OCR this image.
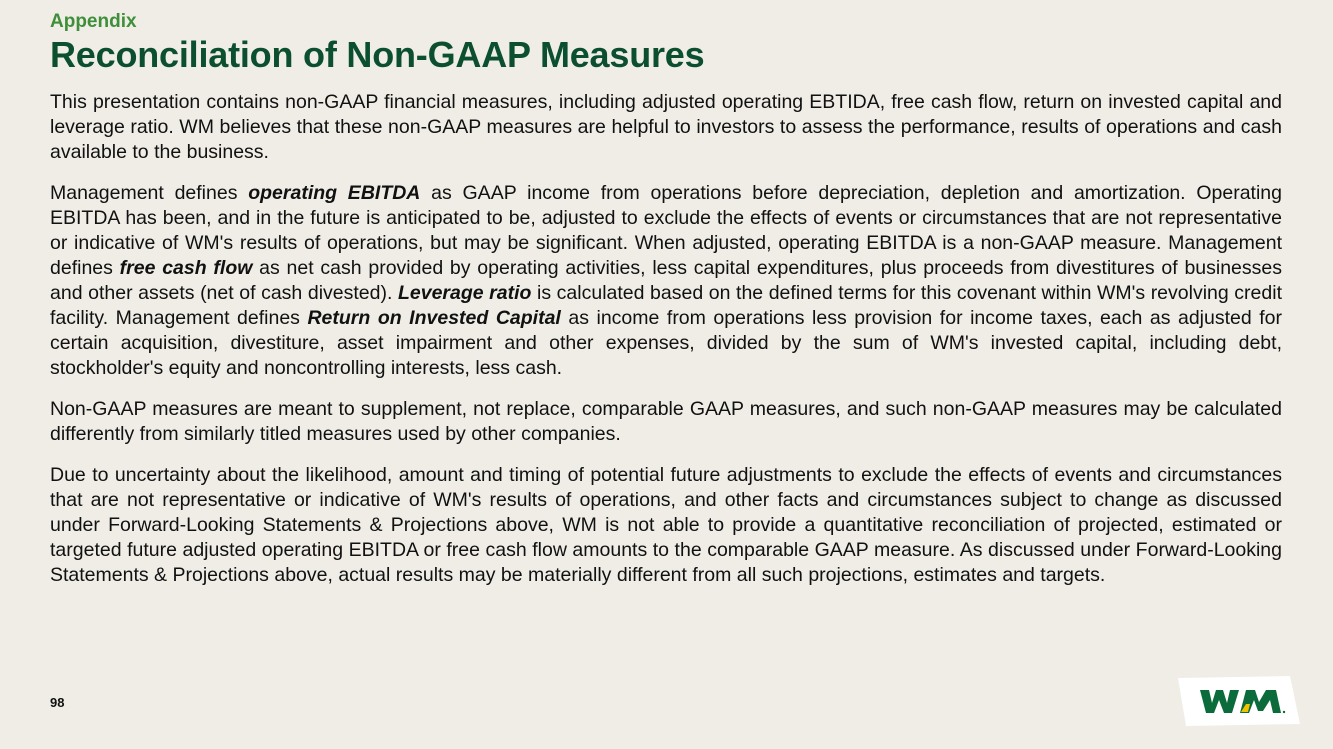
Appendix
Reconciliation of Non-GAAP Measures

This presentation contains non-GAAP financial measures, including adjusted operating EBTIDA, free cash flow, return on invested capital and leverage ratio. WM believes that these non-GAAP measures are helpful to investors to assess the performance, results of operations and cash available to the business.

Management defines operating EBITDA as GAAP income from operations before depreciation, depletion and amortization. Operating EBITDA has been, and in the future is anticipated to be, adjusted to exclude the effects of events or circumstances that are not representative or indicative of WM's results of operations, but may be significant. When adjusted, operating EBITDA is a non-GAAP measure. Management defines free cash flow as net cash provided by operating activities, less capital expenditures, plus proceeds from divestitures of businesses and other assets (net of cash divested). Leverage ratio is calculated based on the defined terms for this covenant within WM's revolving credit facility. Management defines Return on Invested Capital as income from operations less provision for income taxes, each as adjusted for certain acquisition, divestiture, asset impairment and other expenses, divided by the sum of WM's invested capital, including debt, stockholder's equity and noncontrolling interests, less cash.

Non-GAAP measures are meant to supplement, not replace, comparable GAAP measures, and such non-GAAP measures may be calculated differently from similarly titled measures used by other companies.

Due to uncertainty about the likelihood, amount and timing of potential future adjustments to exclude the effects of events and circumstances that are not representative or indicative of WM's results of operations, and other facts and circumstances subject to change as discussed under Forward-Looking Statements & Projections above, WM is not able to provide a quantitative reconciliation of projected, estimated or targeted future adjusted operating EBITDA or free cash flow amounts to the comparable GAAP measure. As discussed under Forward-Looking Statements & Projections above, actual results may be materially different from all such projections, estimates and targets.

98
